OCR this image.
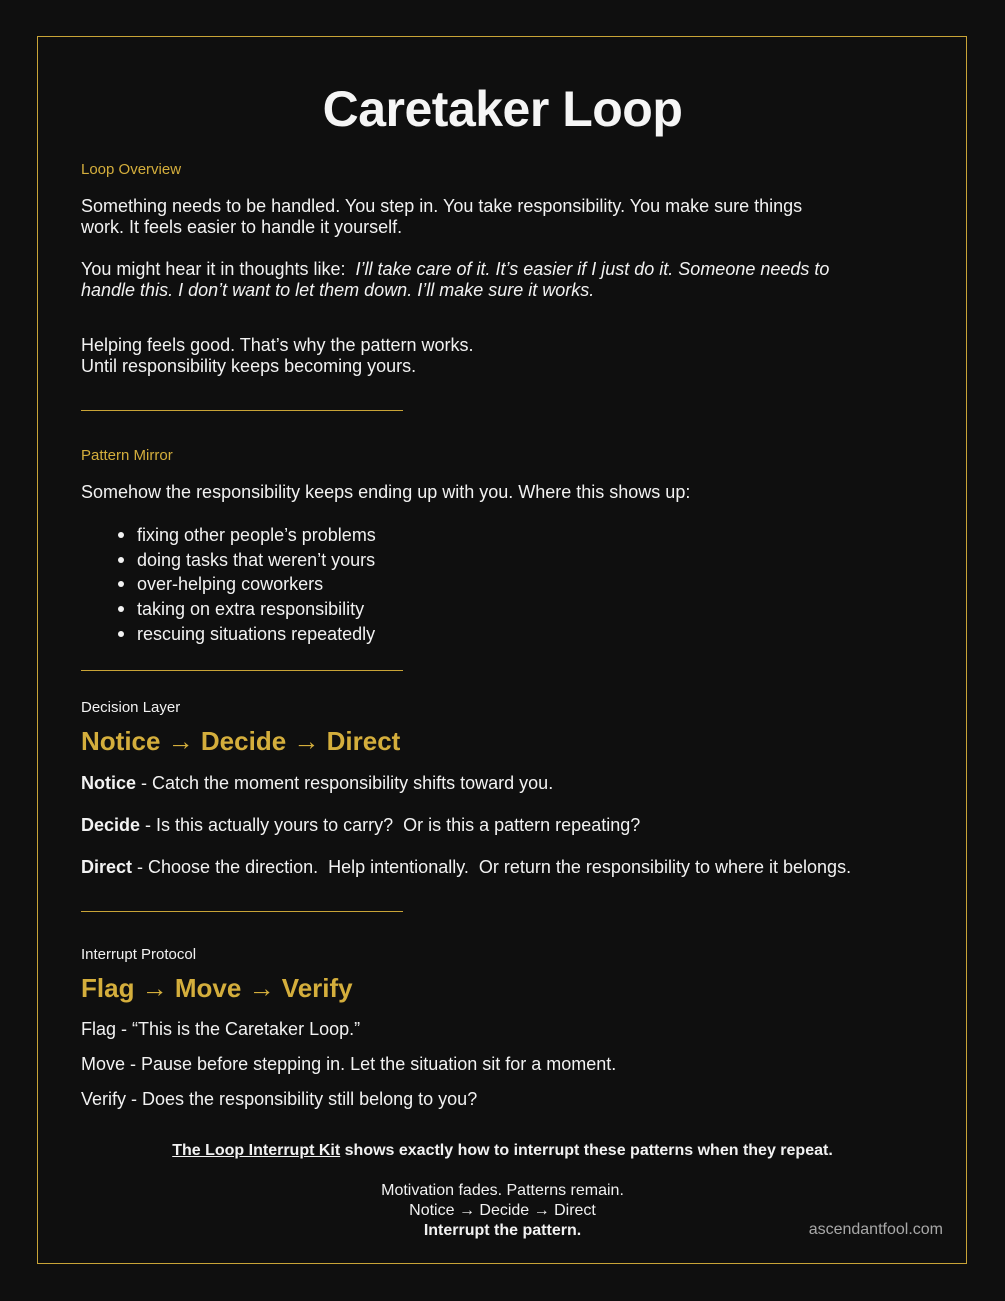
Caretaker Loop
Loop Overview
Something needs to be handled. You step in. You take responsibility. You make sure things
work. It feels easier to handle it yourself.
You might hear it in thoughts like:  I’ll take care of it. It’s easier if I just do it. Someone needs to
handle this. I don’t want to let them down. I’ll make sure it works.
Helping feels good. That’s why the pattern works.
Until responsibility keeps becoming yours.
Pattern Mirror
Somehow the responsibility keeps ending up with you. Where this shows up:
fixing other people’s problems
doing tasks that weren’t yours
over-helping coworkers
taking on extra responsibility
rescuing situations repeatedly
Decision Layer
Notice → Decide → Direct
Notice - Catch the moment responsibility shifts toward you.
Decide - Is this actually yours to carry?  Or is this a pattern repeating?
Direct - Choose the direction.  Help intentionally.  Or return the responsibility to where it belongs.
Interrupt Protocol
Flag → Move → Verify
Flag - “This is the Caretaker Loop.”
Move - Pause before stepping in. Let the situation sit for a moment.
Verify - Does the responsibility still belong to you?
The Loop Interrupt Kit shows exactly how to interrupt these patterns when they repeat.
Motivation fades. Patterns remain.
Notice → Decide → Direct
Interrupt the pattern.	ascendantfool.com
